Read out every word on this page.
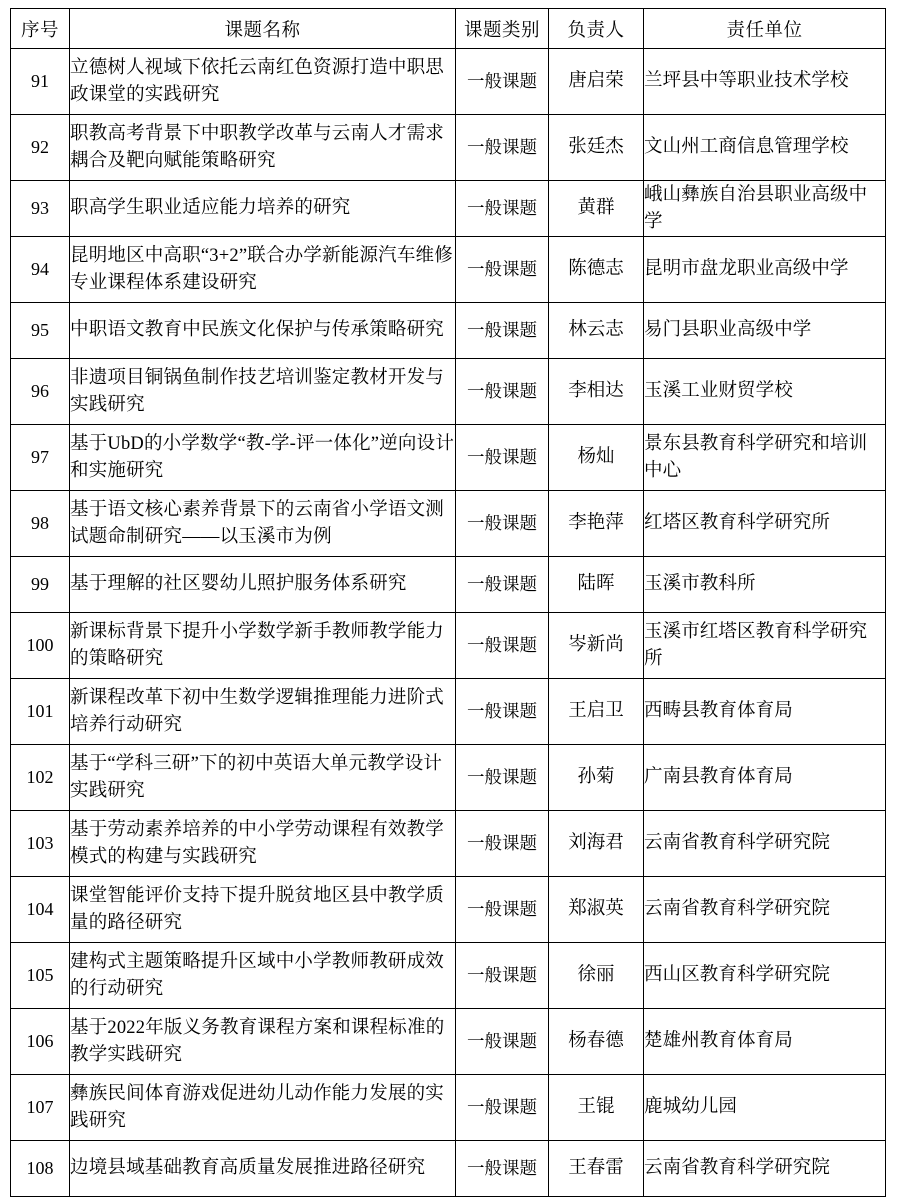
序号	课题名称	课题类别	负责人	责任单位

91	立德树人视域下依托云南红色资源打造中职思政课堂的实践研究	一般课题	唐启荣	兰坪县中等职业技术学校

92	职教高考背景下中职教学改革与云南人才需求耦合及靶向赋能策略研究	一般课题	张廷杰	文山州工商信息管理学校

93	职高学生职业适应能力培养的研究	一般课题	黄群	峨山彝族自治县职业高级中学

94	昆明地区中高职“3+2”联合办学新能源汽车维修专业课程体系建设研究	一般课题	陈德志	昆明市盘龙职业高级中学

95	中职语文教育中民族文化保护与传承策略研究	一般课题	林云志	易门县职业高级中学

96	非遗项目铜锅鱼制作技艺培训鉴定教材开发与实践研究	一般课题	李相达	玉溪工业财贸学校

97	基于UbD的小学数学“教-学-评一体化”逆向设计和实施研究	一般课题	杨灿	景东县教育科学研究和培训中心

98	基于语文核心素养背景下的云南省小学语文测试题命制研究——以玉溪市为例	一般课题	李艳萍	红塔区教育科学研究所

99	基于理解的社区婴幼儿照护服务体系研究	一般课题	陆晖	玉溪市教科所

100	新课标背景下提升小学数学新手教师教学能力的策略研究	一般课题	岑新尚	玉溪市红塔区教育科学研究所

101	新课程改革下初中生数学逻辑推理能力进阶式培养行动研究	一般课题	王启卫	西畴县教育体育局

102	基于“学科三研”下的初中英语大单元教学设计实践研究	一般课题	孙菊	广南县教育体育局

103	基于劳动素养培养的中小学劳动课程有效教学模式的构建与实践研究	一般课题	刘海君	云南省教育科学研究院

104	课堂智能评价支持下提升脱贫地区县中教学质量的路径研究	一般课题	郑淑英	云南省教育科学研究院

105	建构式主题策略提升区域中小学教师教研成效的行动研究	一般课题	徐丽	西山区教育科学研究院

106	基于2022年版义务教育课程方案和课程标准的教学实践研究	一般课题	杨春德	楚雄州教育体育局

107	彝族民间体育游戏促进幼儿动作能力发展的实践研究	一般课题	王锟	鹿城幼儿园

108	边境县域基础教育高质量发展推进路径研究	一般课题	王春雷	云南省教育科学研究院
